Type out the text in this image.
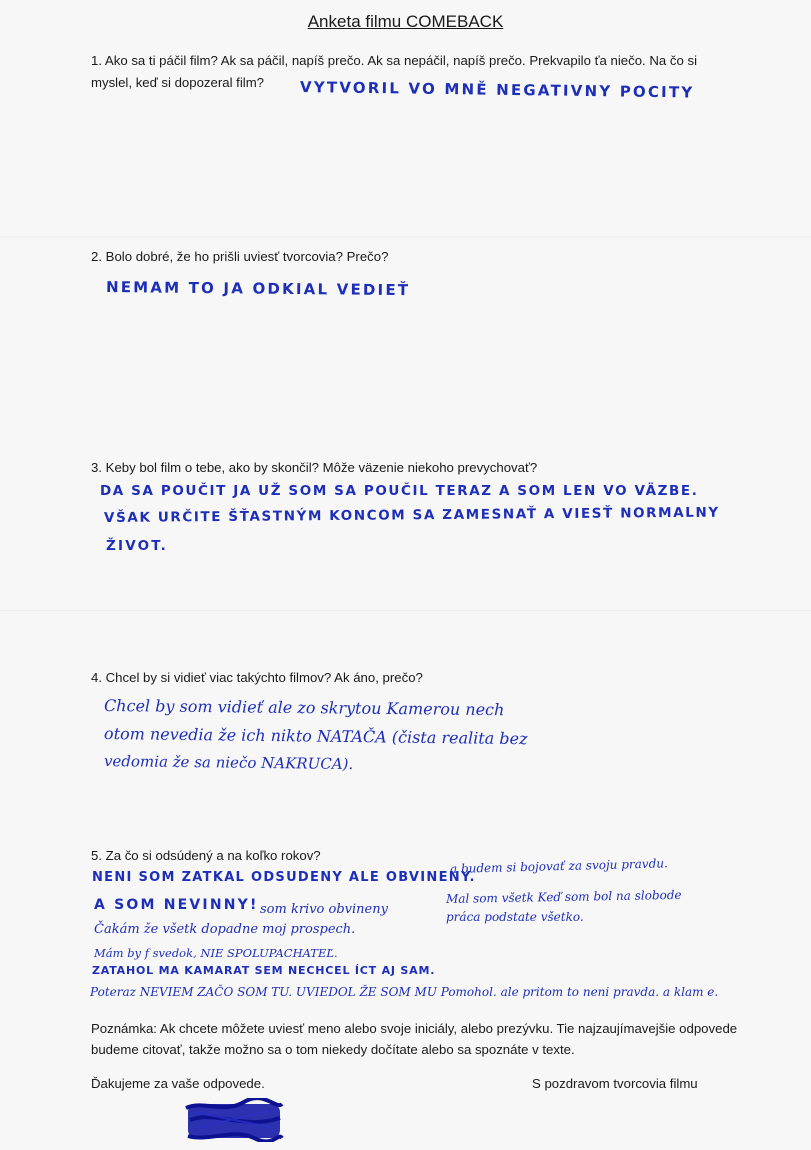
Anketa filmu COMEBACK
1. Ako sa ti páčil film? Ak sa páčil, napíš prečo. Ak sa nepáčil, napíš prečo. Prekvapilo ťa niečo. Na čo si myslel, keď si dopozeral film?	VYTVORIL VO MNĚ NEGATIVNY POCITY
2. Bolo dobré, že ho prišli uviesť tvorcovia? Prečo?
NEMAM TO JA ODKIAL VEDIEŤ
3. Keby bol film o tebe, ako by skončil? Môže väzenie niekoho prevychovať?
DA SA POUČIT JA UŽ SOM SA POUČIL TERAZ A SOM LEN VO VÄZBE.
VŠAK URČITE ŠŤASTNÝM KONCOM SA ZAMESNAŤ A VIESŤ NORMALNY
ŽIVOT.
4. Chcel by si vidieť viac takýchto filmov? Ak áno, prečo?
Chcel by som vidieť ale zo skrytou Kamerou nech
otom nevedia že ich nikto NATAČA (čista realita bez
vedomia že sa niečo NAKRUCA).
5. Za čo si odsúdený a na koľko rokov?
NENI SOM ZATKAL ODSUDENY ALE OBVINENY.
a budem si bojovať za svoju pravdu.
A SOM NEVINNY! som krivo obvineny
Mal som všetk Keď som bol na slobode
práca podstate všetko.
Čakám že všetk dopadne moj prospech.
Mám by f svedok, NIE SPOLUPACHATEĽ.
ZATAHOL MA KAMARAT SEM NECHCEL ÍCT AJ SAM.
Poteraz NEVIEM ZAČO SOM TU. UVIEDOL ŽE SOM MU Pomohol. ale pritom to neni pravda. a klam e.
Poznámka: Ak chcete môžete uviesť meno alebo svoje iniciály, alebo prezývku. Tie najzaujímavejšie odpovede budeme citovať, takže možno sa o tom niekedy dočítate alebo sa spoznáte v texte.
Ďakujeme za vaše odpovede.	S pozdravom tvorcovia filmu
